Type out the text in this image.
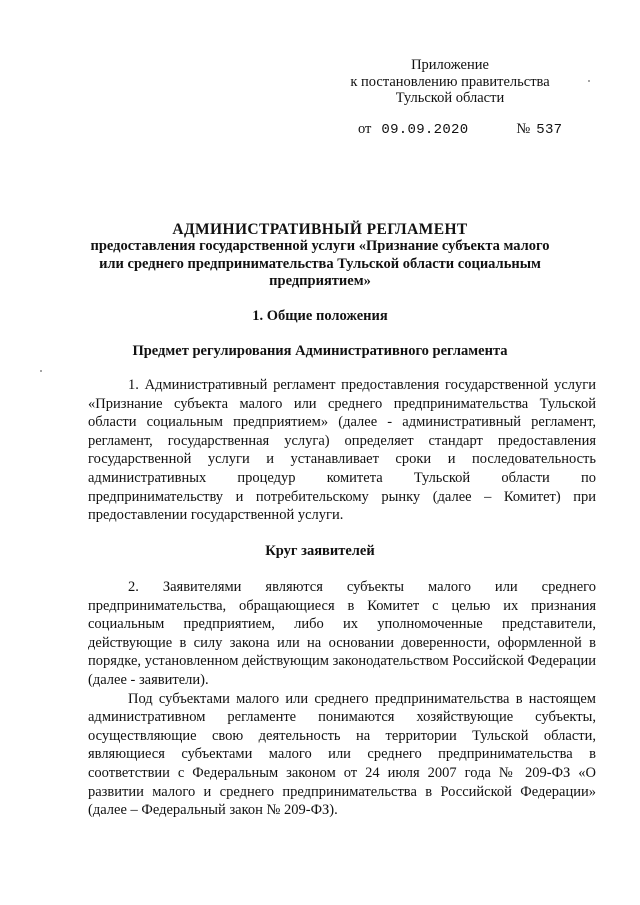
Приложение
к постановлению правительства
Тульской области
от 09.09.2020	№ 537
АДМИНИСТРАТИВНЫЙ РЕГЛАМЕНТ
предоставления государственной услуги «Признание субъекта малого
или среднего предпринимательства Тульской области социальным
предприятием»
1. Общие положения
Предмет регулирования Административного регламента

1. Административный регламент предоставления государственной услуги «Признание субъекта малого или среднего предпринимательства Тульской области социальным предприятием» (далее - административный регламент, регламент, государственная услуга) определяет стандарт предоставления государственной услуги и устанавливает сроки и последовательность административных процедур комитета Тульской области по предпринимательству и потребительскому рынку (далее – Комитет) при предоставлении государственной услуги.

Круг заявителей

2. Заявителями являются субъекты малого или среднего предпринимательства, обращающиеся в Комитет с целью их признания социальным предприятием, либо их уполномоченные представители, действующие в силу закона или на основании доверенности, оформленной в порядке, установленном действующим законодательством Российской Федерации (далее - заявители).

Под субъектами малого или среднего предпринимательства в настоящем административном регламенте понимаются хозяйствующие субъекты, осуществляющие свою деятельность на территории Тульской области, являющиеся субъектами малого или среднего предпринимательства в соответствии с Федеральным законом от 24 июля 2007 года № 209-ФЗ «О развитии малого и среднего предпринимательства в Российской Федерации» (далее – Федеральный закон № 209-ФЗ).
